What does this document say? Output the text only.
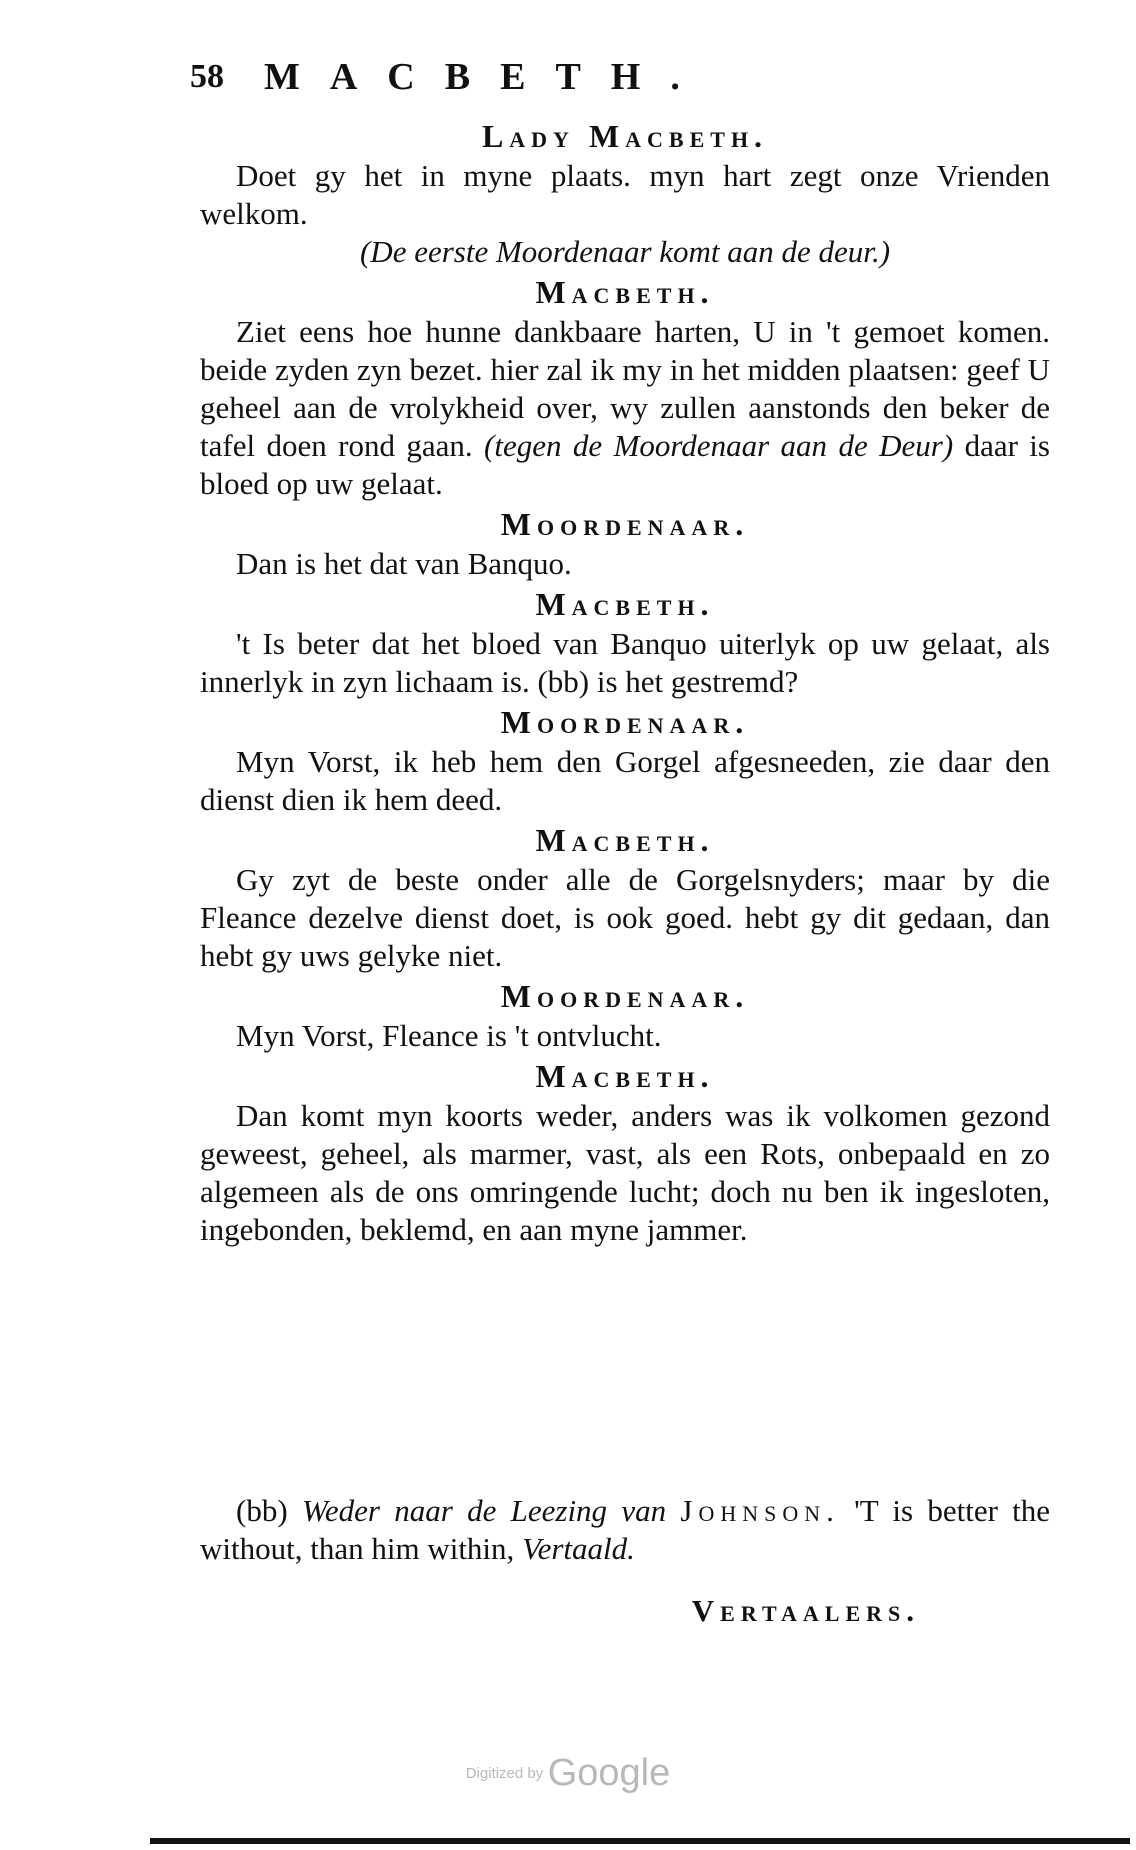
58 MACBETH.
Lady Macbeth.

Doet gy het in myne plaats. myn hart zegt onze Vrienden welkom.

(De eerste Moordenaar komt aan de deur.)

Macbeth.

Ziet eens hoe hunne dankbaare harten, U in 't gemoet komen. beide zyden zyn bezet. hier zal ik my in het midden plaatsen: geef U geheel aan de vrolykheid over, wy zullen aanstonds den beker de tafel doen rond gaan. (tegen de Moordenaar aan de Deur) daar is bloed op uw gelaat.

Moordenaar.

Dan is het dat van Banquo.

Macbeth.

't Is beter dat het bloed van Banquo uiterlyk op uw gelaat, als innerlyk in zyn lichaam is. (bb) is het gestremd?

Moordenaar.

Myn Vorst, ik heb hem den Gorgel afgesneeden, zie daar den dienst dien ik hem deed.

Macbeth.

Gy zyt de beste onder alle de Gorgelsnyders; maar by die Fleance dezelve dienst doet, is ook goed. hebt gy dit gedaan, dan hebt gy uws gelyke niet.

Moordenaar.

Myn Vorst, Fleance is 't ontvlucht.

Macbeth.

Dan komt myn koorts weder, anders was ik volkomen gezond geweest, geheel, als marmer, vast, als een Rots, onbepaald en zo algemeen als de ons omringende lucht; doch nu ben ik ingesloten, ingebonden, beklemd, en aan myne jammer.

(bb) Weder naar de Leezing van Johnson. 'T is better the without, than him within, Vertaald.

Vertaalers.
Digitized by Google
